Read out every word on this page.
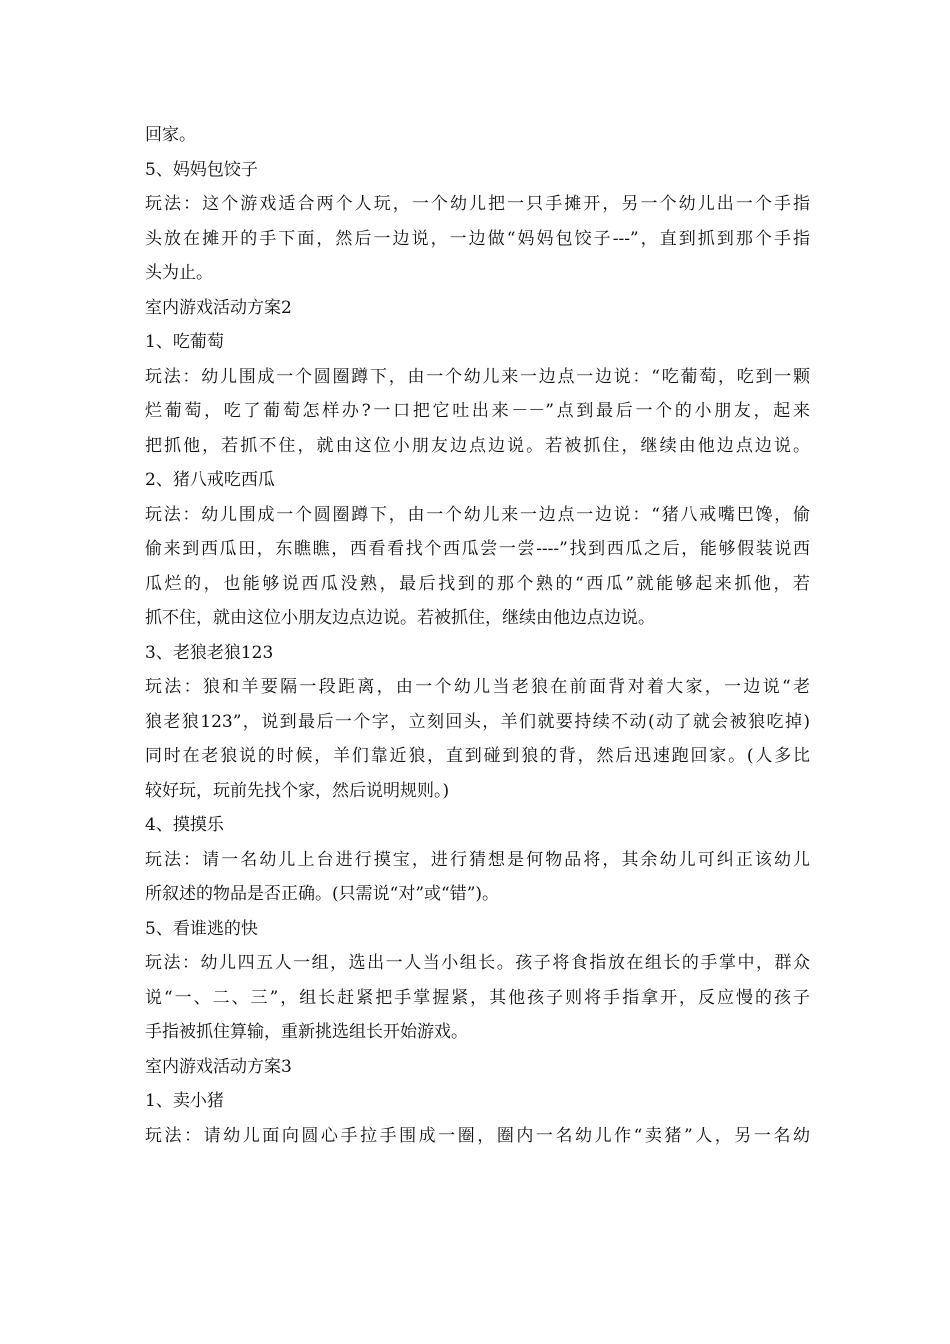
回家。
5、妈妈包饺子
玩法：这个游戏适合两个人玩，一个幼儿把一只手摊开，另一个幼儿出一个手指
头放在摊开的手下面，然后一边说，一边做“妈妈包饺子---”，直到抓到那个手指
头为止。
室内游戏活动方案2
1、吃葡萄
玩法：幼儿围成一个圆圈蹲下，由一个幼儿来一边点一边说：“吃葡萄，吃到一颗
烂葡萄，吃了葡萄怎样办?一口把它吐出来－－”点到最后一个的小朋友，起来
把抓他，若抓不住，就由这位小朋友边点边说。若被抓住，继续由他边点边说。
2、猪八戒吃西瓜
玩法：幼儿围成一个圆圈蹲下，由一个幼儿来一边点一边说：“猪八戒嘴巴馋，偷
偷来到西瓜田，东瞧瞧，西看看找个西瓜尝一尝----”找到西瓜之后，能够假装说西
瓜烂的，也能够说西瓜没熟，最后找到的那个熟的“西瓜”就能够起来抓他，若
抓不住，就由这位小朋友边点边说。若被抓住，继续由他边点边说。
3、老狼老狼123
玩法：狼和羊要隔一段距离，由一个幼儿当老狼在前面背对着大家，一边说“老
狼老狼123”，说到最后一个字，立刻回头，羊们就要持续不动(动了就会被狼吃掉)
同时在老狼说的时候，羊们靠近狼，直到碰到狼的背，然后迅速跑回家。(人多比
较好玩，玩前先找个家，然后说明规则。)
4、摸摸乐
玩法：请一名幼儿上台进行摸宝，进行猜想是何物品将，其余幼儿可纠正该幼儿
所叙述的物品是否正确。(只需说“对”或“错”)。
5、看谁逃的快
玩法：幼儿四五人一组，选出一人当小组长。孩子将食指放在组长的手掌中，群众
说“一、二、三”，组长赶紧把手掌握紧，其他孩子则将手指拿开，反应慢的孩子
手指被抓住算输，重新挑选组长开始游戏。
室内游戏活动方案3
1、卖小猪
玩法：请幼儿面向圆心手拉手围成一圈，圈内一名幼儿作“卖猪”人，另一名幼
